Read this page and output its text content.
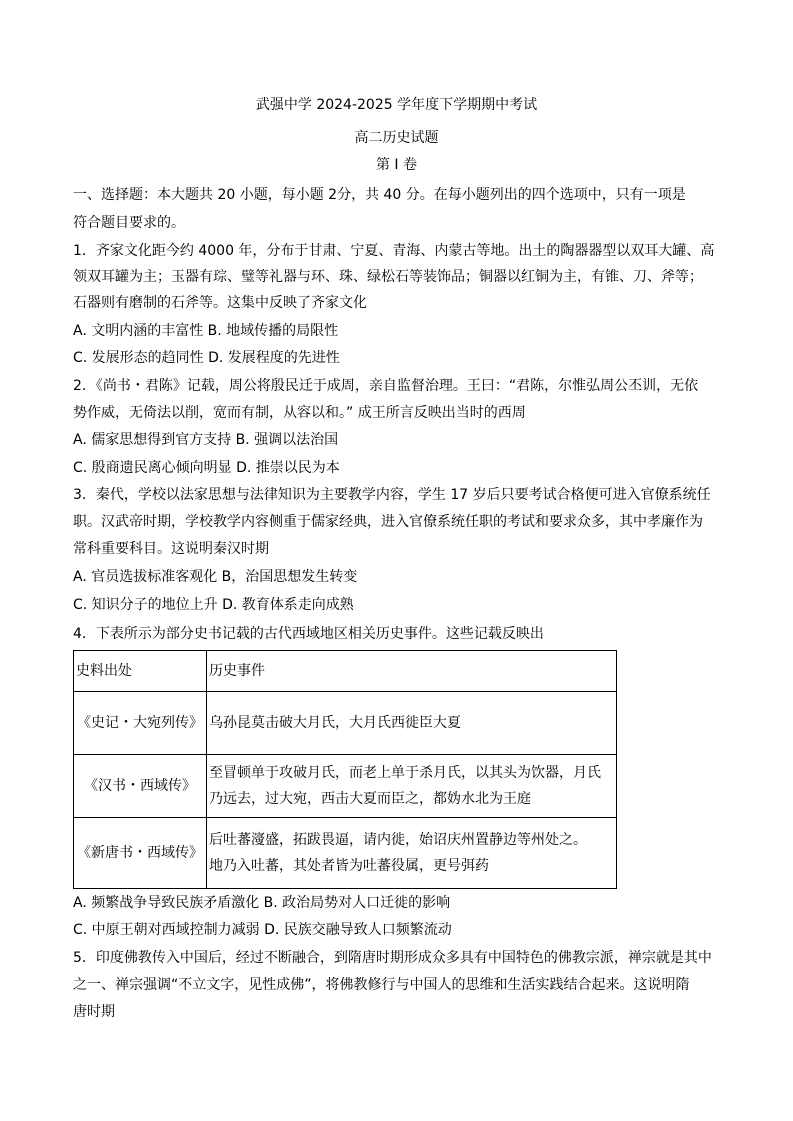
武强中学 2024-2025 学年度下学期期中考试
高二历史试题
第 I 卷
一、选择题：本大题共 20 小题，每小题 2分，共 40 分。在每小题列出的四个选项中，只有一项是
符合题目要求的。
1．齐家文化距今约 4000 年，分布于甘肃、宁夏、青海、内蒙古等地。出土的陶器器型以双耳大罐、高
领双耳罐为主；玉器有琮、璧等礼器与环、珠、绿松石等装饰品；铜器以红铜为主，有锥、刀、斧等；
石器则有磨制的石斧等。这集中反映了齐家文化
A. 文明内涵的丰富性 B. 地域传播的局限性
C. 发展形态的趋同性 D. 发展程度的先进性
2．《尚书・君陈》记载，周公将殷民迁于成周，亲自监督治理。王曰：“君陈，尔惟弘周公丕训，无依
势作威，无倚法以削，宽而有制，从容以和。” 成王所言反映出当时的西周
A. 儒家思想得到官方支持 B. 强调以法治国
C. 殷商遗民离心倾向明显 D. 推崇以民为本
3．秦代，学校以法家思想与法律知识为主要教学内容，学生 17 岁后只要考试合格便可进入官僚系统任
职。汉武帝时期，学校教学内容侧重于儒家经典，进入官僚系统任职的考试和要求众多，其中孝廉作为
常科重要科目。这说明秦汉时期
A. 官员选拔标准客观化 B，治国思想发生转变
C. 知识分子的地位上升 D. 教育体系走向成熟
4．下表所示为部分史书记载的古代西域地区相关历史事件。这些记载反映出
史料出处	历史事件
《史记・大宛列传》	乌孙昆莫击破大月氏，大月氏西徙臣大夏
《汉书・西域传》	至冒顿单于攻破月氏，而老上单于杀月氏，以其头为饮器，月氏乃远去，过大宛，西击大夏而臣之，都妫水北为王庭
《新唐书・西域传》	后吐蕃濅盛，拓跋畏逼，请内徙，始诏庆州置静边等州处之。
地乃入吐蕃，其处者皆为吐蕃役属，更号弭药
A. 频繁战争导致民族矛盾激化 B. 政治局势对人口迁徙的影响
C. 中原王朝对西域控制力减弱 D. 民族交融导致人口频繁流动
5．印度佛教传入中国后，经过不断融合，到隋唐时期形成众多具有中国特色的佛教宗派，禅宗就是其中
之一、禅宗强调“不立文字，见性成佛”，将佛教修行与中国人的思维和生活实践结合起来。这说明隋
唐时期
